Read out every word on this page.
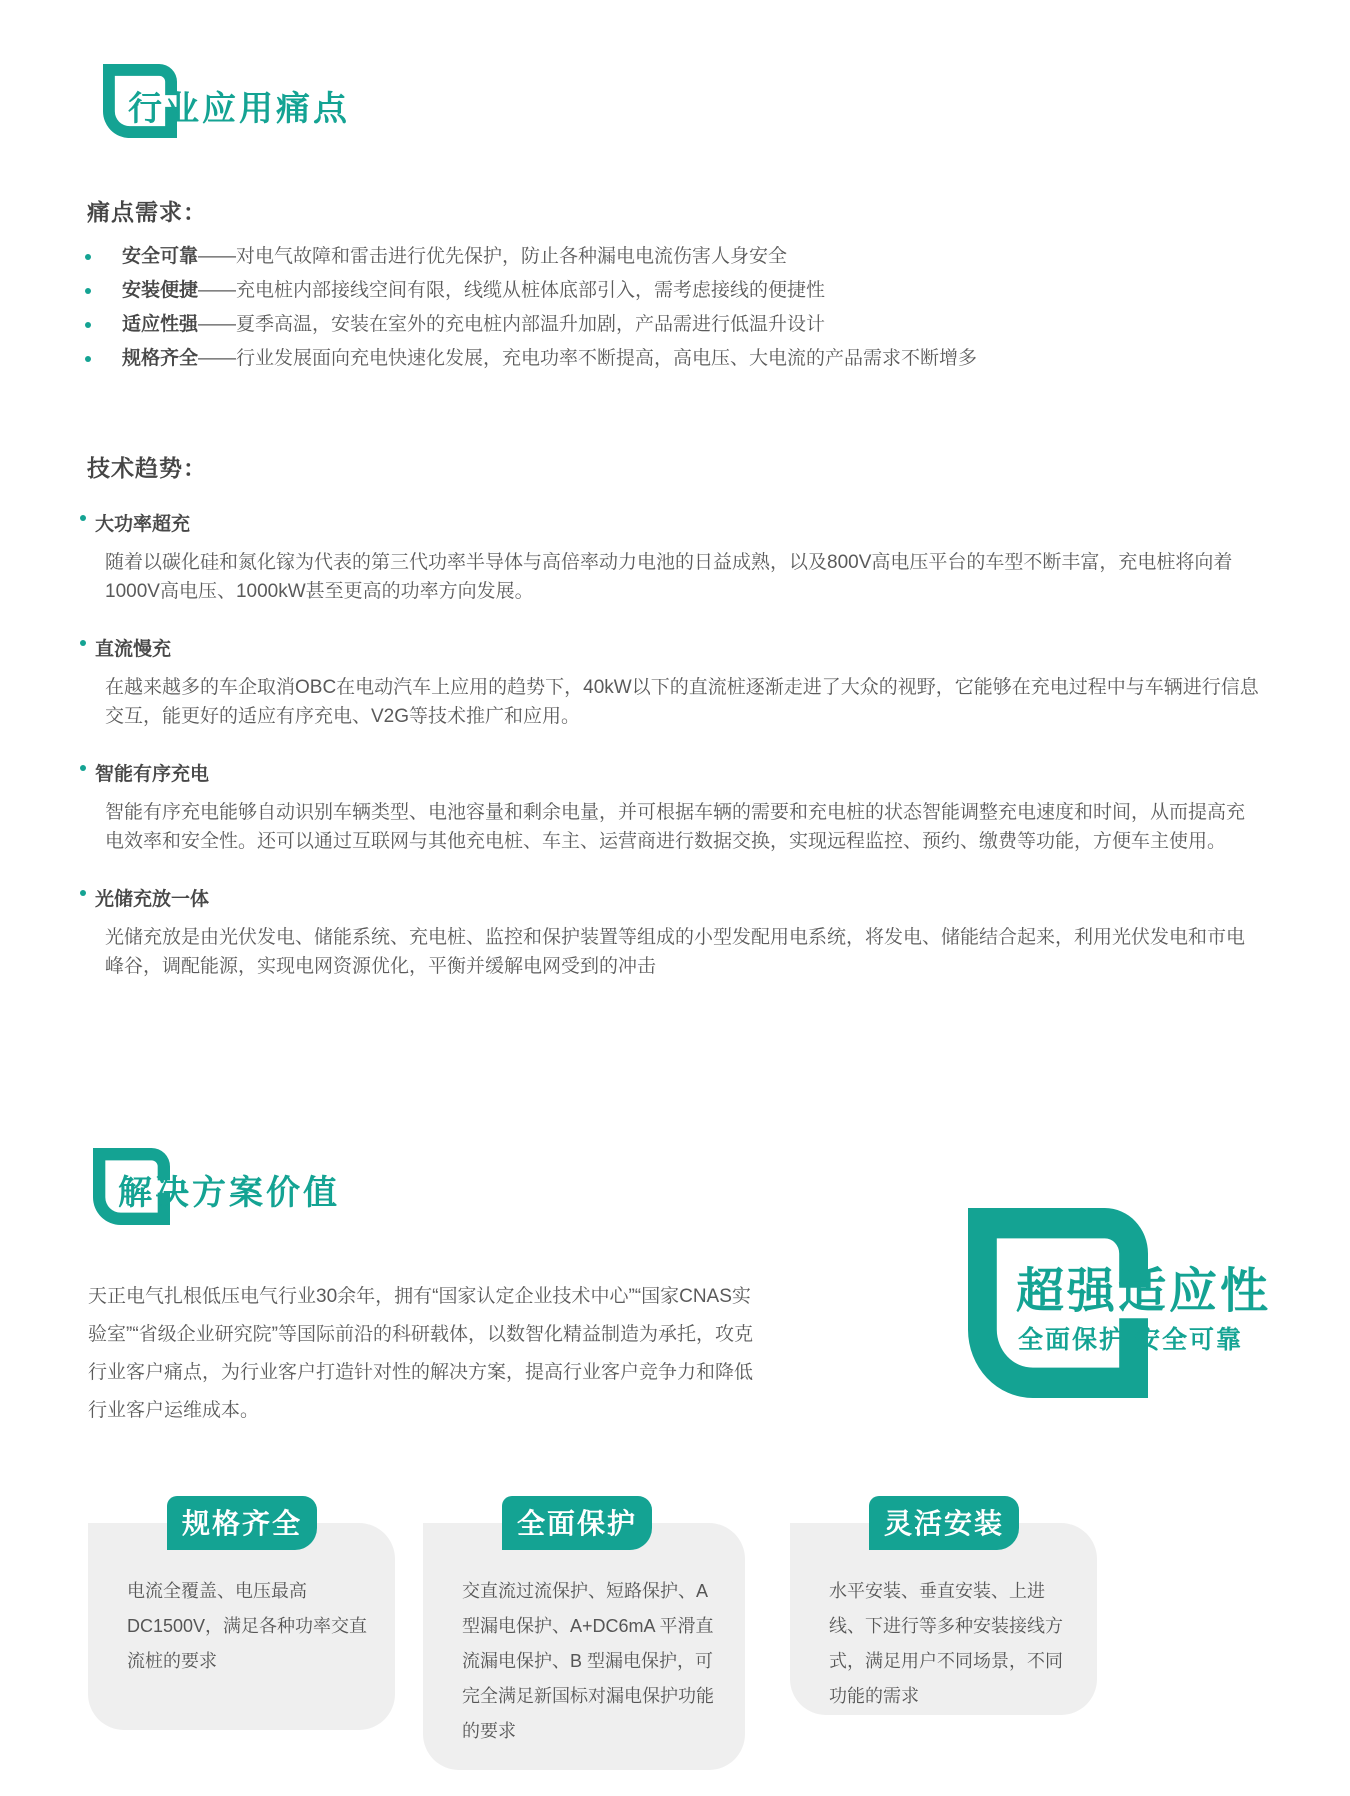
行业应用痛点
痛点需求：
安全可靠——对电气故障和雷击进行优先保护，防止各种漏电电流伤害人身安全
安装便捷——充电桩内部接线空间有限，线缆从桩体底部引入，需考虑接线的便捷性
适应性强——夏季高温，安装在室外的充电桩内部温升加剧，产品需进行低温升设计
规格齐全——行业发展面向充电快速化发展，充电功率不断提高，高电压、大电流的产品需求不断增多
技术趋势：
大功率超充

随着以碳化硅和氮化镓为代表的第三代功率半导体与高倍率动力电池的日益成熟，以及800V高电压平台的车型不断丰富，充电桩将向着1000V高电压、1000kW甚至更高的功率方向发展。

直流慢充

在越来越多的车企取消OBC在电动汽车上应用的趋势下，40kW以下的直流桩逐渐走进了大众的视野，它能够在充电过程中与车辆进行信息交互，能更好的适应有序充电、V2G等技术推广和应用。

智能有序充电

智能有序充电能够自动识别车辆类型、电池容量和剩余电量，并可根据车辆的需要和充电桩的状态智能调整充电速度和时间，从而提高充电效率和安全性。还可以通过互联网与其他充电桩、车主、运营商进行数据交换，实现远程监控、预约、缴费等功能，方便车主使用。

光储充放一体

光储充放是由光伏发电、储能系统、充电桩、监控和保护装置等组成的小型发配用电系统，将发电、储能结合起来，利用光伏发电和市电峰谷，调配能源，实现电网资源优化，平衡并缓解电网受到的冲击

解决方案价值

天正电气扎根低压电气行业30余年，拥有“国家认定企业技术中心”“国家CNAS实验室”“省级企业研究院”等国际前沿的科研载体，以数智化精益制造为承托，攻克行业客户痛点，为行业客户打造针对性的解决方案，提高行业客户竞争力和降低行业客户运维成本。

超强适应性
全面保护 安全可靠
规格齐全

电流全覆盖、电压最高 DC1500V，满足各种功率交直流桩的要求

全面保护

交直流过流保护、短路保护、A 型漏电保护、A+DC6mA 平滑直流漏电保护、B 型漏电保护，可完全满足新国标对漏电保护功能的要求

灵活安装

水平安装、垂直安装、上进线、下进行等多种安装接线方式，满足用户不同场景，不同功能的需求
